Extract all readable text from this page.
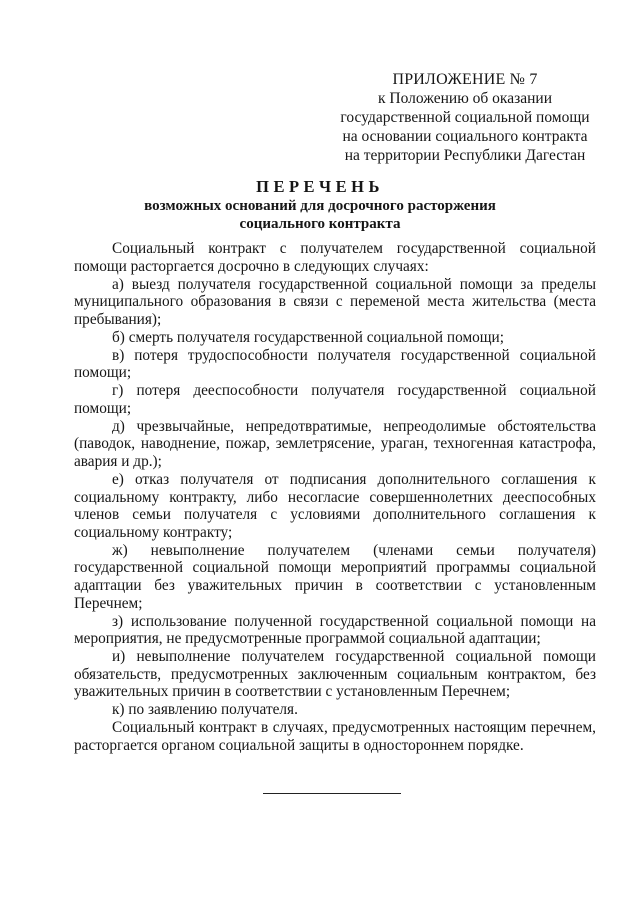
ПРИЛОЖЕНИЕ № 7
к Положению об оказании
государственной социальной помощи
на основании социального контракта
на территории Республики Дагестан
ПЕРЕЧЕНЬ
возможных оснований для досрочного расторжения
социального контракта

Социальный контракт с получателем государственной социальной помощи расторгается досрочно в следующих случаях:

а) выезд получателя государственной социальной помощи за пределы муниципального образования в связи с переменой места жительства (места пребывания);

б) смерть получателя государственной социальной помощи;

в) потеря трудоспособности получателя государственной социальной помощи;

г) потеря дееспособности получателя государственной социальной помощи;

д) чрезвычайные, непредотвратимые, непреодолимые обстоятельства (паводок, наводнение, пожар, землетрясение, ураган, техногенная катастрофа, авария и др.);

е) отказ получателя от подписания дополнительного соглашения к социальному контракту, либо несогласие совершеннолетних дееспособных членов семьи получателя с условиями дополнительного соглашения к социальному контракту;

ж) невыполнение получателем (членами семьи получателя) государственной социальной помощи мероприятий программы социальной адаптации без уважительных причин в соответствии с установленным Перечнем;

з) использование полученной государственной социальной помощи на мероприятия, не предусмотренные программой социальной адаптации;

и) невыполнение получателем государственной социальной помощи обязательств, предусмотренных заключенным социальным контрактом, без уважительных причин в соответствии с установленным Перечнем;

к) по заявлению получателя.

Социальный контракт в случаях, предусмотренных настоящим перечнем, расторгается органом социальной защиты в одностороннем порядке.
